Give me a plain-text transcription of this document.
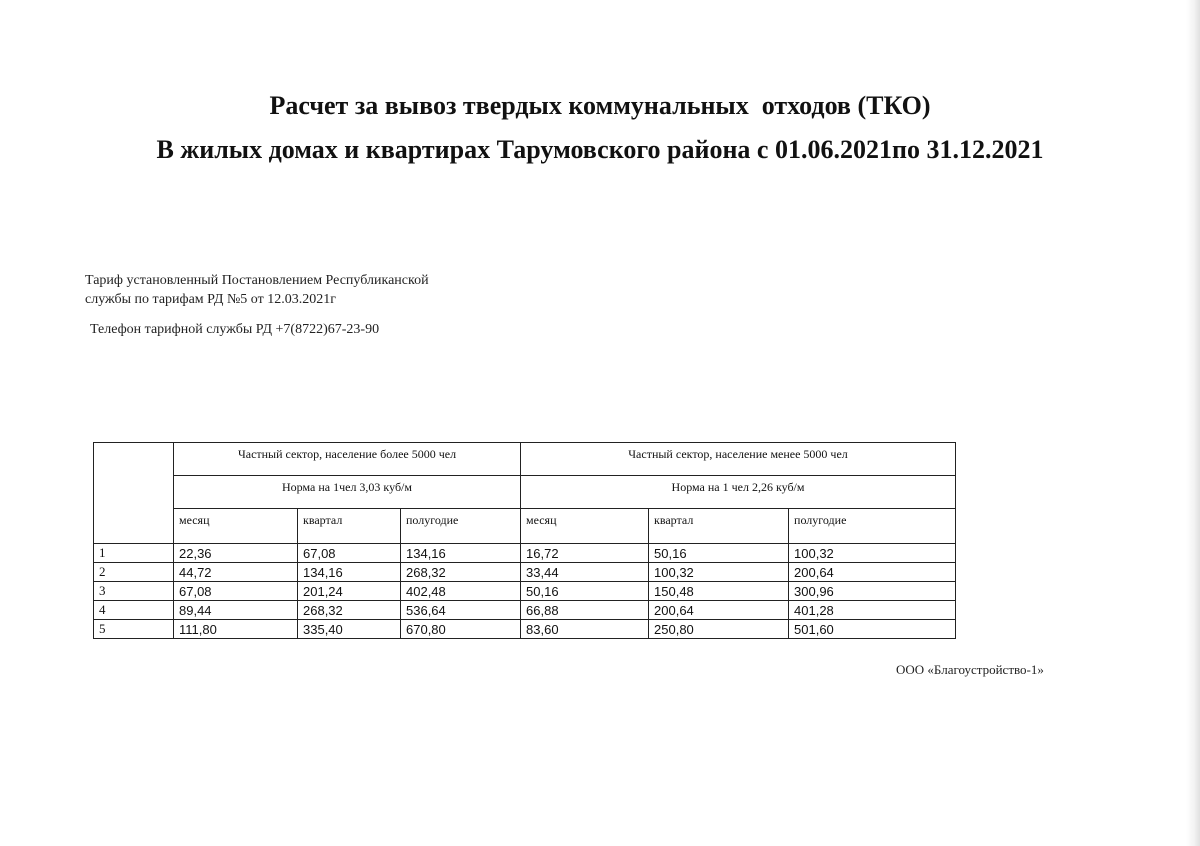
Расчет за вывоз твердых коммунальных  отходов (ТКО)
В жилых домах и квартирах Тарумовского района с 01.06.2021по 31.12.2021
Тариф установленный Постановлением Республиканской
службы по тарифам РД №5 от 12.03.2021г
Телефон тарифной службы РД +7(8722)67-23-90
	Частный сектор, население более 5000 чел			Частный сектор, население менее 5000 чел		
	Норма на 1чел 3,03 куб/м			Норма на 1 чел 2,26 куб/м		
	месяц	квартал	полугодие	месяц	квартал	полугодие
1	22,36	67,08	134,16	16,72	50,16	100,32
2	44,72	134,16	268,32	33,44	100,32	200,64
3	67,08	201,24	402,48	50,16	150,48	300,96
4	89,44	268,32	536,64	66,88	200,64	401,28
5	111,80	335,40	670,80	83,60	250,80	501,60
ООО «Благоустройство-1»
